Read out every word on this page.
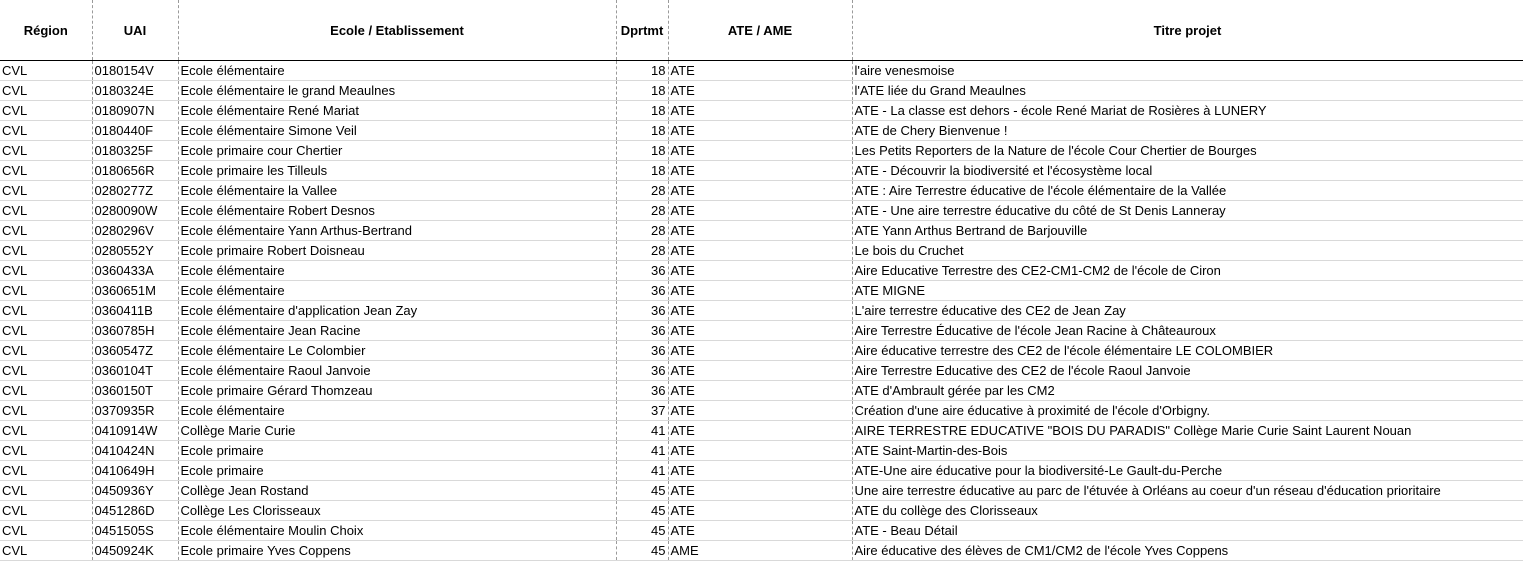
Région	UAI	Ecole / Etablissement	Dprtmt	ATE / AME	Titre projet
CVL	0180154V	Ecole élémentaire	18	ATE	l'aire venesmoise
CVL	0180324E	Ecole élémentaire le grand Meaulnes	18	ATE	l'ATE liée du Grand Meaulnes
CVL	0180907N	Ecole élémentaire René Mariat	18	ATE	ATE - La classe est dehors - école René Mariat de Rosières à LUNERY
CVL	0180440F	Ecole élémentaire Simone Veil	18	ATE	ATE de Chery Bienvenue !
CVL	0180325F	Ecole primaire cour Chertier	18	ATE	Les Petits Reporters de la Nature de l'école Cour Chertier de Bourges
CVL	0180656R	Ecole primaire les Tilleuls	18	ATE	ATE - Découvrir la biodiversité et l'écosystème local
CVL	0280277Z	Ecole élémentaire la Vallee	28	ATE	ATE : Aire Terrestre éducative de l'école élémentaire de la Vallée
CVL	0280090W	Ecole élémentaire Robert Desnos	28	ATE	ATE - Une aire terrestre éducative du côté de St Denis Lanneray
CVL	0280296V	Ecole élémentaire Yann Arthus-Bertrand	28	ATE	ATE Yann Arthus Bertrand de Barjouville
CVL	0280552Y	Ecole primaire Robert Doisneau	28	ATE	Le bois du Cruchet
CVL	0360433A	Ecole élémentaire	36	ATE	Aire Educative Terrestre des CE2-CM1-CM2 de l'école de Ciron
CVL	0360651M	Ecole élémentaire	36	ATE	ATE MIGNE
CVL	0360411B	Ecole élémentaire d'application Jean Zay	36	ATE	L'aire terrestre éducative des CE2 de Jean Zay
CVL	0360785H	Ecole élémentaire Jean Racine	36	ATE	Aire Terrestre Éducative de l'école Jean Racine à Châteauroux
CVL	0360547Z	Ecole élémentaire Le Colombier	36	ATE	Aire éducative terrestre des CE2 de l'école élémentaire LE COLOMBIER
CVL	0360104T	Ecole élémentaire Raoul Janvoie	36	ATE	Aire Terrestre Educative des CE2 de l'école Raoul Janvoie
CVL	0360150T	Ecole primaire Gérard Thomzeau	36	ATE	ATE d'Ambrault gérée par les CM2
CVL	0370935R	Ecole élémentaire	37	ATE	Création d'une aire éducative à proximité de l'école d'Orbigny.
CVL	0410914W	Collège Marie Curie	41	ATE	AIRE TERRESTRE EDUCATIVE "BOIS DU PARADIS" Collège Marie Curie Saint Laurent Nouan
CVL	0410424N	Ecole primaire	41	ATE	ATE Saint-Martin-des-Bois
CVL	0410649H	Ecole primaire	41	ATE	ATE-Une aire éducative pour la biodiversité-Le Gault-du-Perche
CVL	0450936Y	Collège Jean Rostand	45	ATE	Une aire terrestre éducative au parc de l'étuvée à Orléans au coeur d'un réseau d'éducation prioritaire
CVL	0451286D	Collège Les Clorisseaux	45	ATE	ATE du collège des Clorisseaux
CVL	0451505S	Ecole élémentaire Moulin Choix	45	ATE	ATE - Beau Détail
CVL	0450924K	Ecole primaire Yves Coppens	45	AME	Aire éducative des élèves de CM1/CM2 de l'école Yves Coppens
